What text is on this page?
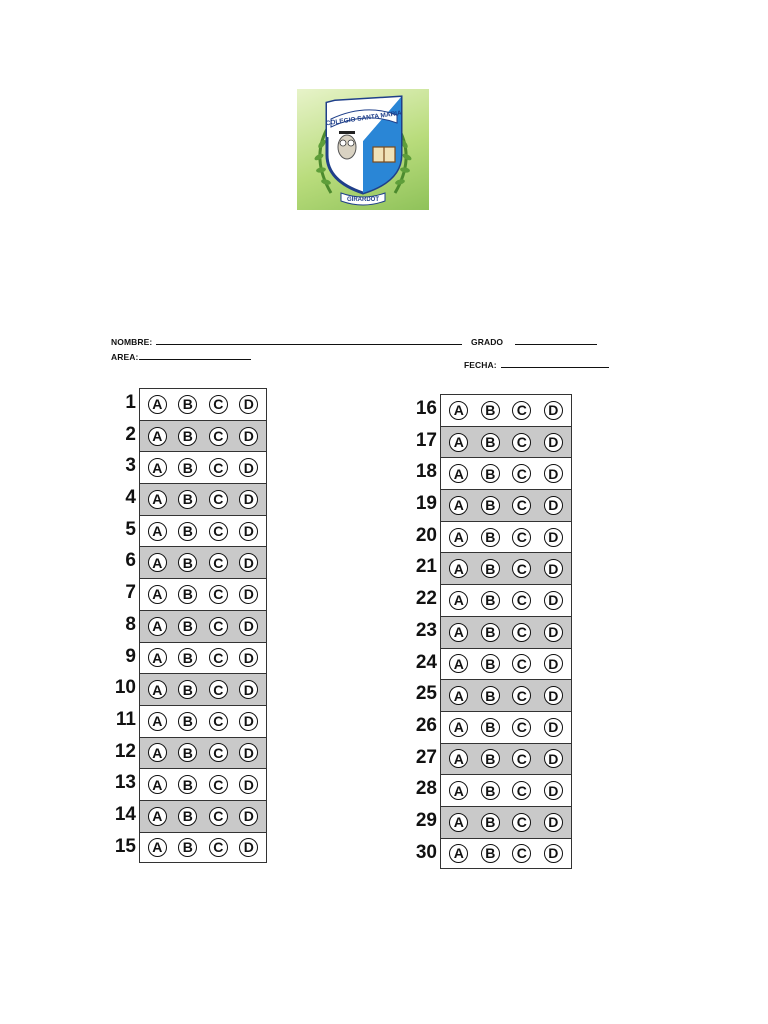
COLEGIO SANTA MARIA
GIRARDOT
NOMBRE:	GRADO
AREA:
FECHA:
1	A	B	C	D
2	A	B	C	D
3	A	B	C	D
4	A	B	C	D
5	A	B	C	D
6	A	B	C	D
7	A	B	C	D
8	A	B	C	D
9	A	B	C	D
10	A	B	C	D
11	A	B	C	D
12	A	B	C	D
13	A	B	C	D
14	A	B	C	D
15	A	B	C	D
16	A	B	C	D
17	A	B	C	D
18	A	B	C	D
19	A	B	C	D
20	A	B	C	D
21	A	B	C	D
22	A	B	C	D
23	A	B	C	D
24	A	B	C	D
25	A	B	C	D
26	A	B	C	D
27	A	B	C	D
28	A	B	C	D
29	A	B	C	D
30	A	B	C	D
